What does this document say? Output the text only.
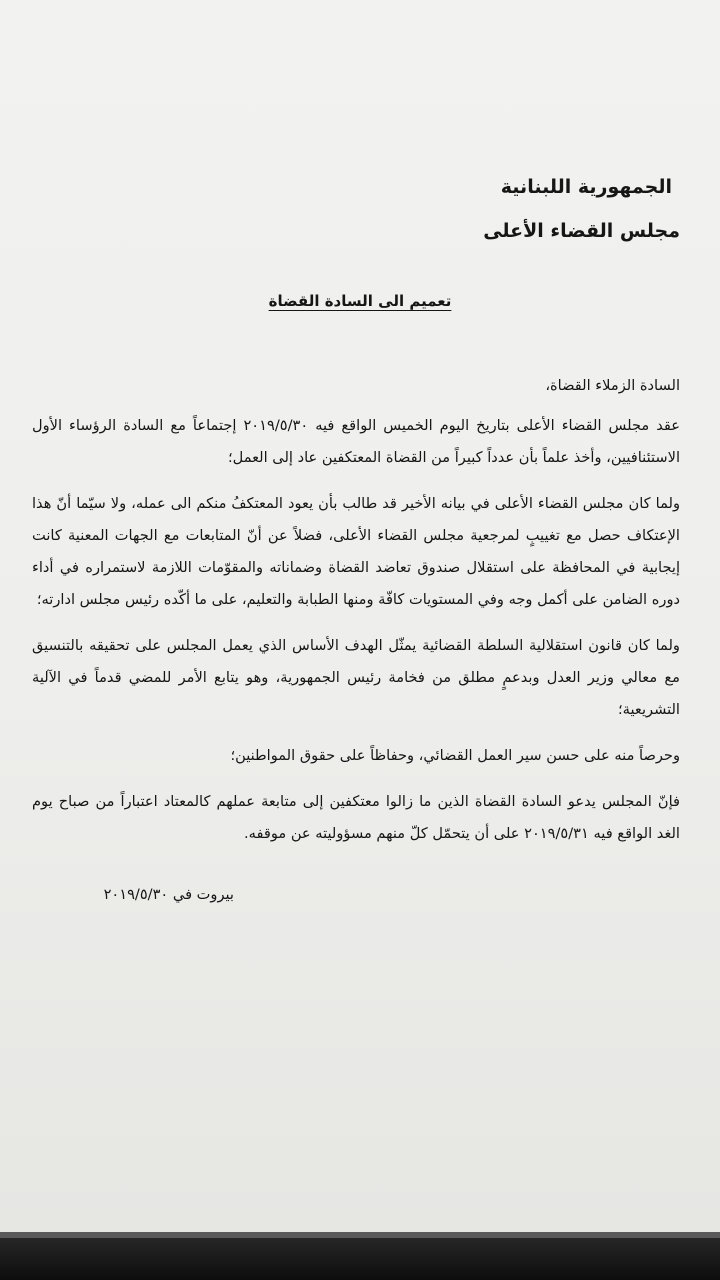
الجمهورية اللبنانية
مجلس القضاء الأعلى
تعميم الى السادة القضاة

السادة الزملاء القضاة،

عقد مجلس القضاء الأعلى بتاريخ اليوم الخميس الواقع فيه ٢٠١٩/٥/٣٠ إجتماعاً مع السادة الرؤساء الأول الاستئنافيين، وأخذ علماً بأن عدداً كبيراً من القضاة المعتكفين عاد إلى العمل؛

ولما كان مجلس القضاء الأعلى في بيانه الأخير قد طالب بأن يعود المعتكفُ منكم الى عمله، ولا سيّما أنّ هذا الإعتكاف حصل مع تغييبٍ لمرجعية مجلس القضاء الأعلى، فضلاً عن أنّ المتابعات مع الجهات المعنية كانت إيجابية في المحافظة على استقلال صندوق تعاضد القضاة وضماناته والمقوّمات اللازمة لاستمراره في أداء دوره الضامن على أكمل وجه وفي المستويات كافّة ومنها الطبابة والتعليم، على ما أكّده رئيس مجلس ادارته؛

ولما كان قانون استقلالية السلطة القضائية يمثّل الهدف الأساس الذي يعمل المجلس على تحقيقه بالتنسيق مع معالي وزير العدل وبدعمٍ مطلق من فخامة رئيس الجمهورية، وهو يتابع الأمر للمضي قدماً في الآلية التشريعية؛

وحرصاً منه على حسن سير العمل القضائي، وحفاظاً على حقوق المواطنين؛

فإنّ المجلس يدعو السادة القضاة الذين ما زالوا معتكفين إلى متابعة عملهم كالمعتاد اعتباراً من صباح يوم الغد الواقع فيه ٢٠١٩/٥/٣١ على أن يتحمّل كلّ منهم مسؤوليته عن موقفه.

بيروت في ٢٠١٩/٥/٣٠
